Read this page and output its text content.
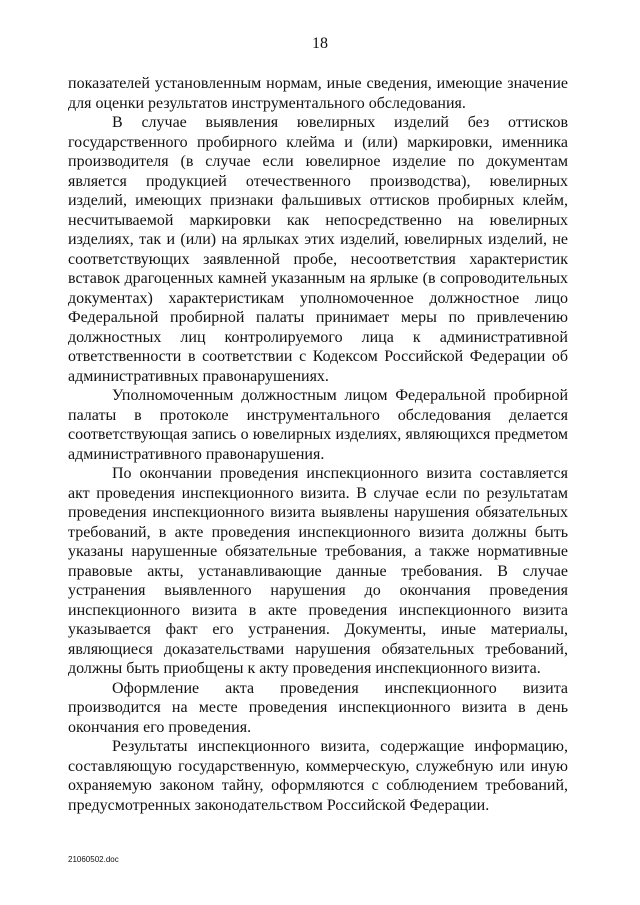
18

показателей установленным нормам, иные сведения, имеющие значение для оценки результатов инструментального обследования.

В случае выявления ювелирных изделий без оттисков государственного пробирного клейма и (или) маркировки, именника производителя (в случае если ювелирное изделие по документам является продукцией отечественного производства), ювелирных изделий, имеющих признаки фальшивых оттисков пробирных клейм, несчитываемой маркировки как непосредственно на ювелирных изделиях, так и (или) на ярлыках этих изделий, ювелирных изделий, не соответствующих заявленной пробе, несоответствия характеристик вставок драгоценных камней указанным на ярлыке (в сопроводительных документах) характеристикам уполномоченное должностное лицо Федеральной пробирной палаты принимает меры по привлечению должностных лиц контролируемого лица к административной ответственности в соответствии с Кодексом Российской Федерации об административных правонарушениях.

Уполномоченным должностным лицом Федеральной пробирной палаты в протоколе инструментального обследования делается соответствующая запись о ювелирных изделиях, являющихся предметом административного правонарушения.

По окончании проведения инспекционного визита составляется акт проведения инспекционного визита. В случае если по результатам проведения инспекционного визита выявлены нарушения обязательных требований, в акте проведения инспекционного визита должны быть указаны нарушенные обязательные требования, а также нормативные правовые акты, устанавливающие данные требования. В случае устранения выявленного нарушения до окончания проведения инспекционного визита в акте проведения инспекционного визита указывается факт его устранения. Документы, иные материалы, являющиеся доказательствами нарушения обязательных требований, должны быть приобщены к акту проведения инспекционного визита.

Оформление акта проведения инспекционного визита производится на месте проведения инспекционного визита в день окончания его проведения.

Результаты инспекционного визита, содержащие информацию, составляющую государственную, коммерческую, служебную или иную охраняемую законом тайну, оформляются с соблюдением требований, предусмотренных законодательством Российской Федерации.

21060502.doc
